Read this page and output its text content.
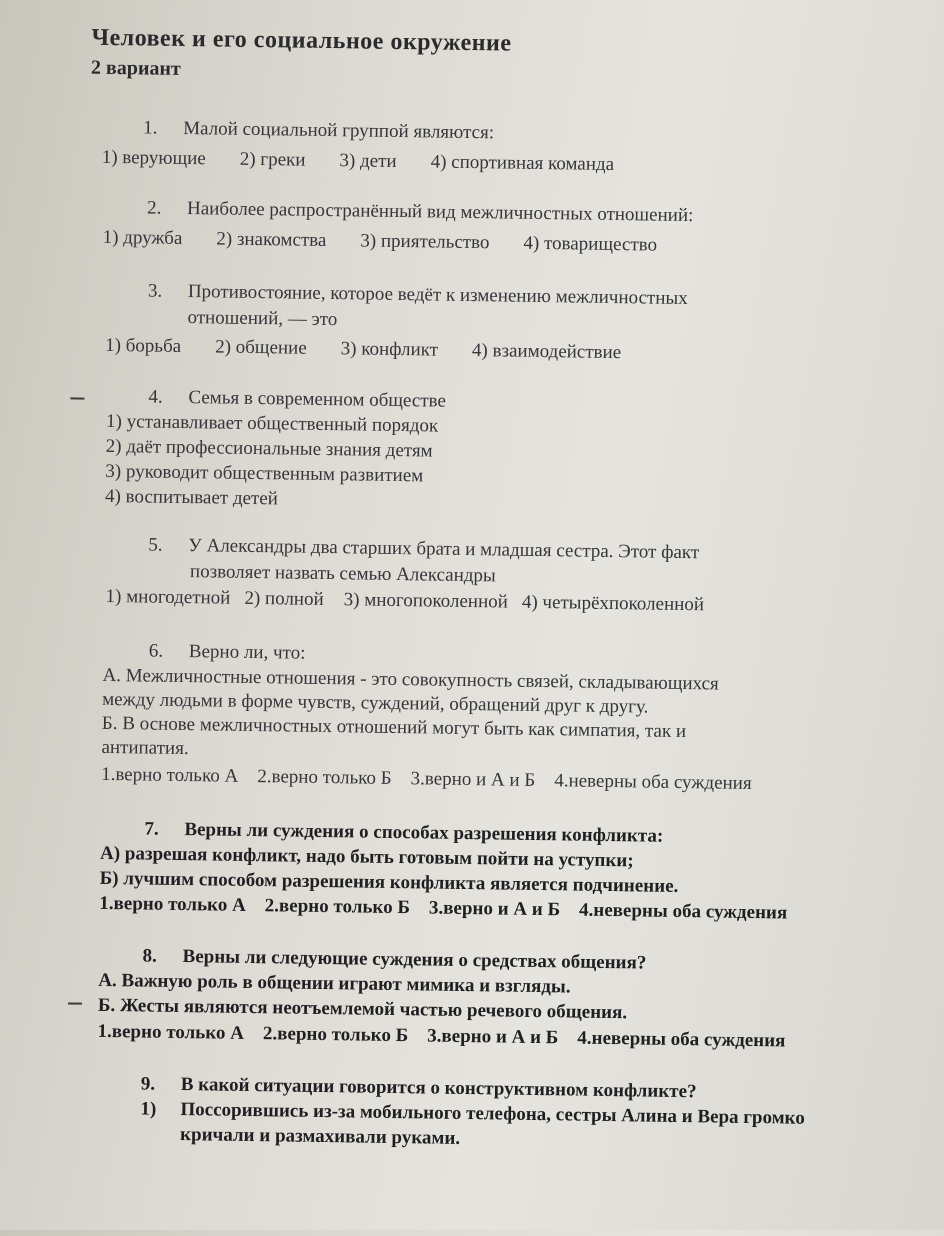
Человек и его социальное окружение
2 вариант
1. Малой социальной группой являются:
1) верующие 2) греки 3) дети 4) спортивная команда
2. Наиболее распространённый вид межличностных отношений:
1) дружба 2) знакомства 3) приятельство 4) товарищество
3. Противостояние, которое ведёт к изменению межличностных
отношений, — это
1) борьба 2) общение 3) конфликт 4) взаимодействие
4. Семья в современном обществе
1) устанавливает общественный порядок
2) даёт профессиональные знания детям
3) руководит общественным развитием
4) воспитывает детей
5. У Александры два старших брата и младшая сестра. Этот факт
позволяет назвать семью Александры
1) многодетной 2) полной 3) многопоколенной 4) четырёхпоколенной
6. Верно ли, что:
А. Межличностные отношения - это совокупность связей, складывающихся
между людьми в форме чувств, суждений, обращений друг к другу.
Б. В основе межличностных отношений могут быть как симпатия, так и
антипатия.
1.верно только А    2.верно только Б    3.верно и А и Б    4.неверны оба суждения
7. Верны ли суждения о способах разрешения конфликта:
А) разрешая конфликт, надо быть готовым пойти на уступки;
Б) лучшим способом разрешения конфликта является подчинение.
1.верно только А    2.верно только Б    3.верно и А и Б    4.неверны оба суждения
8. Верны ли следующие суждения о средствах общения?
А. Важную роль в общении играют мимика и взгляды.
Б. Жесты являются неотъемлемой частью речевого общения.
1.верно только А    2.верно только Б    3.верно и А и Б    4.неверны оба суждения
9. В какой ситуации говорится о конструктивном конфликте?
1) Поссорившись из-за мобильного телефона, сестры Алина и Вера громко
кричали и размахивали руками.
